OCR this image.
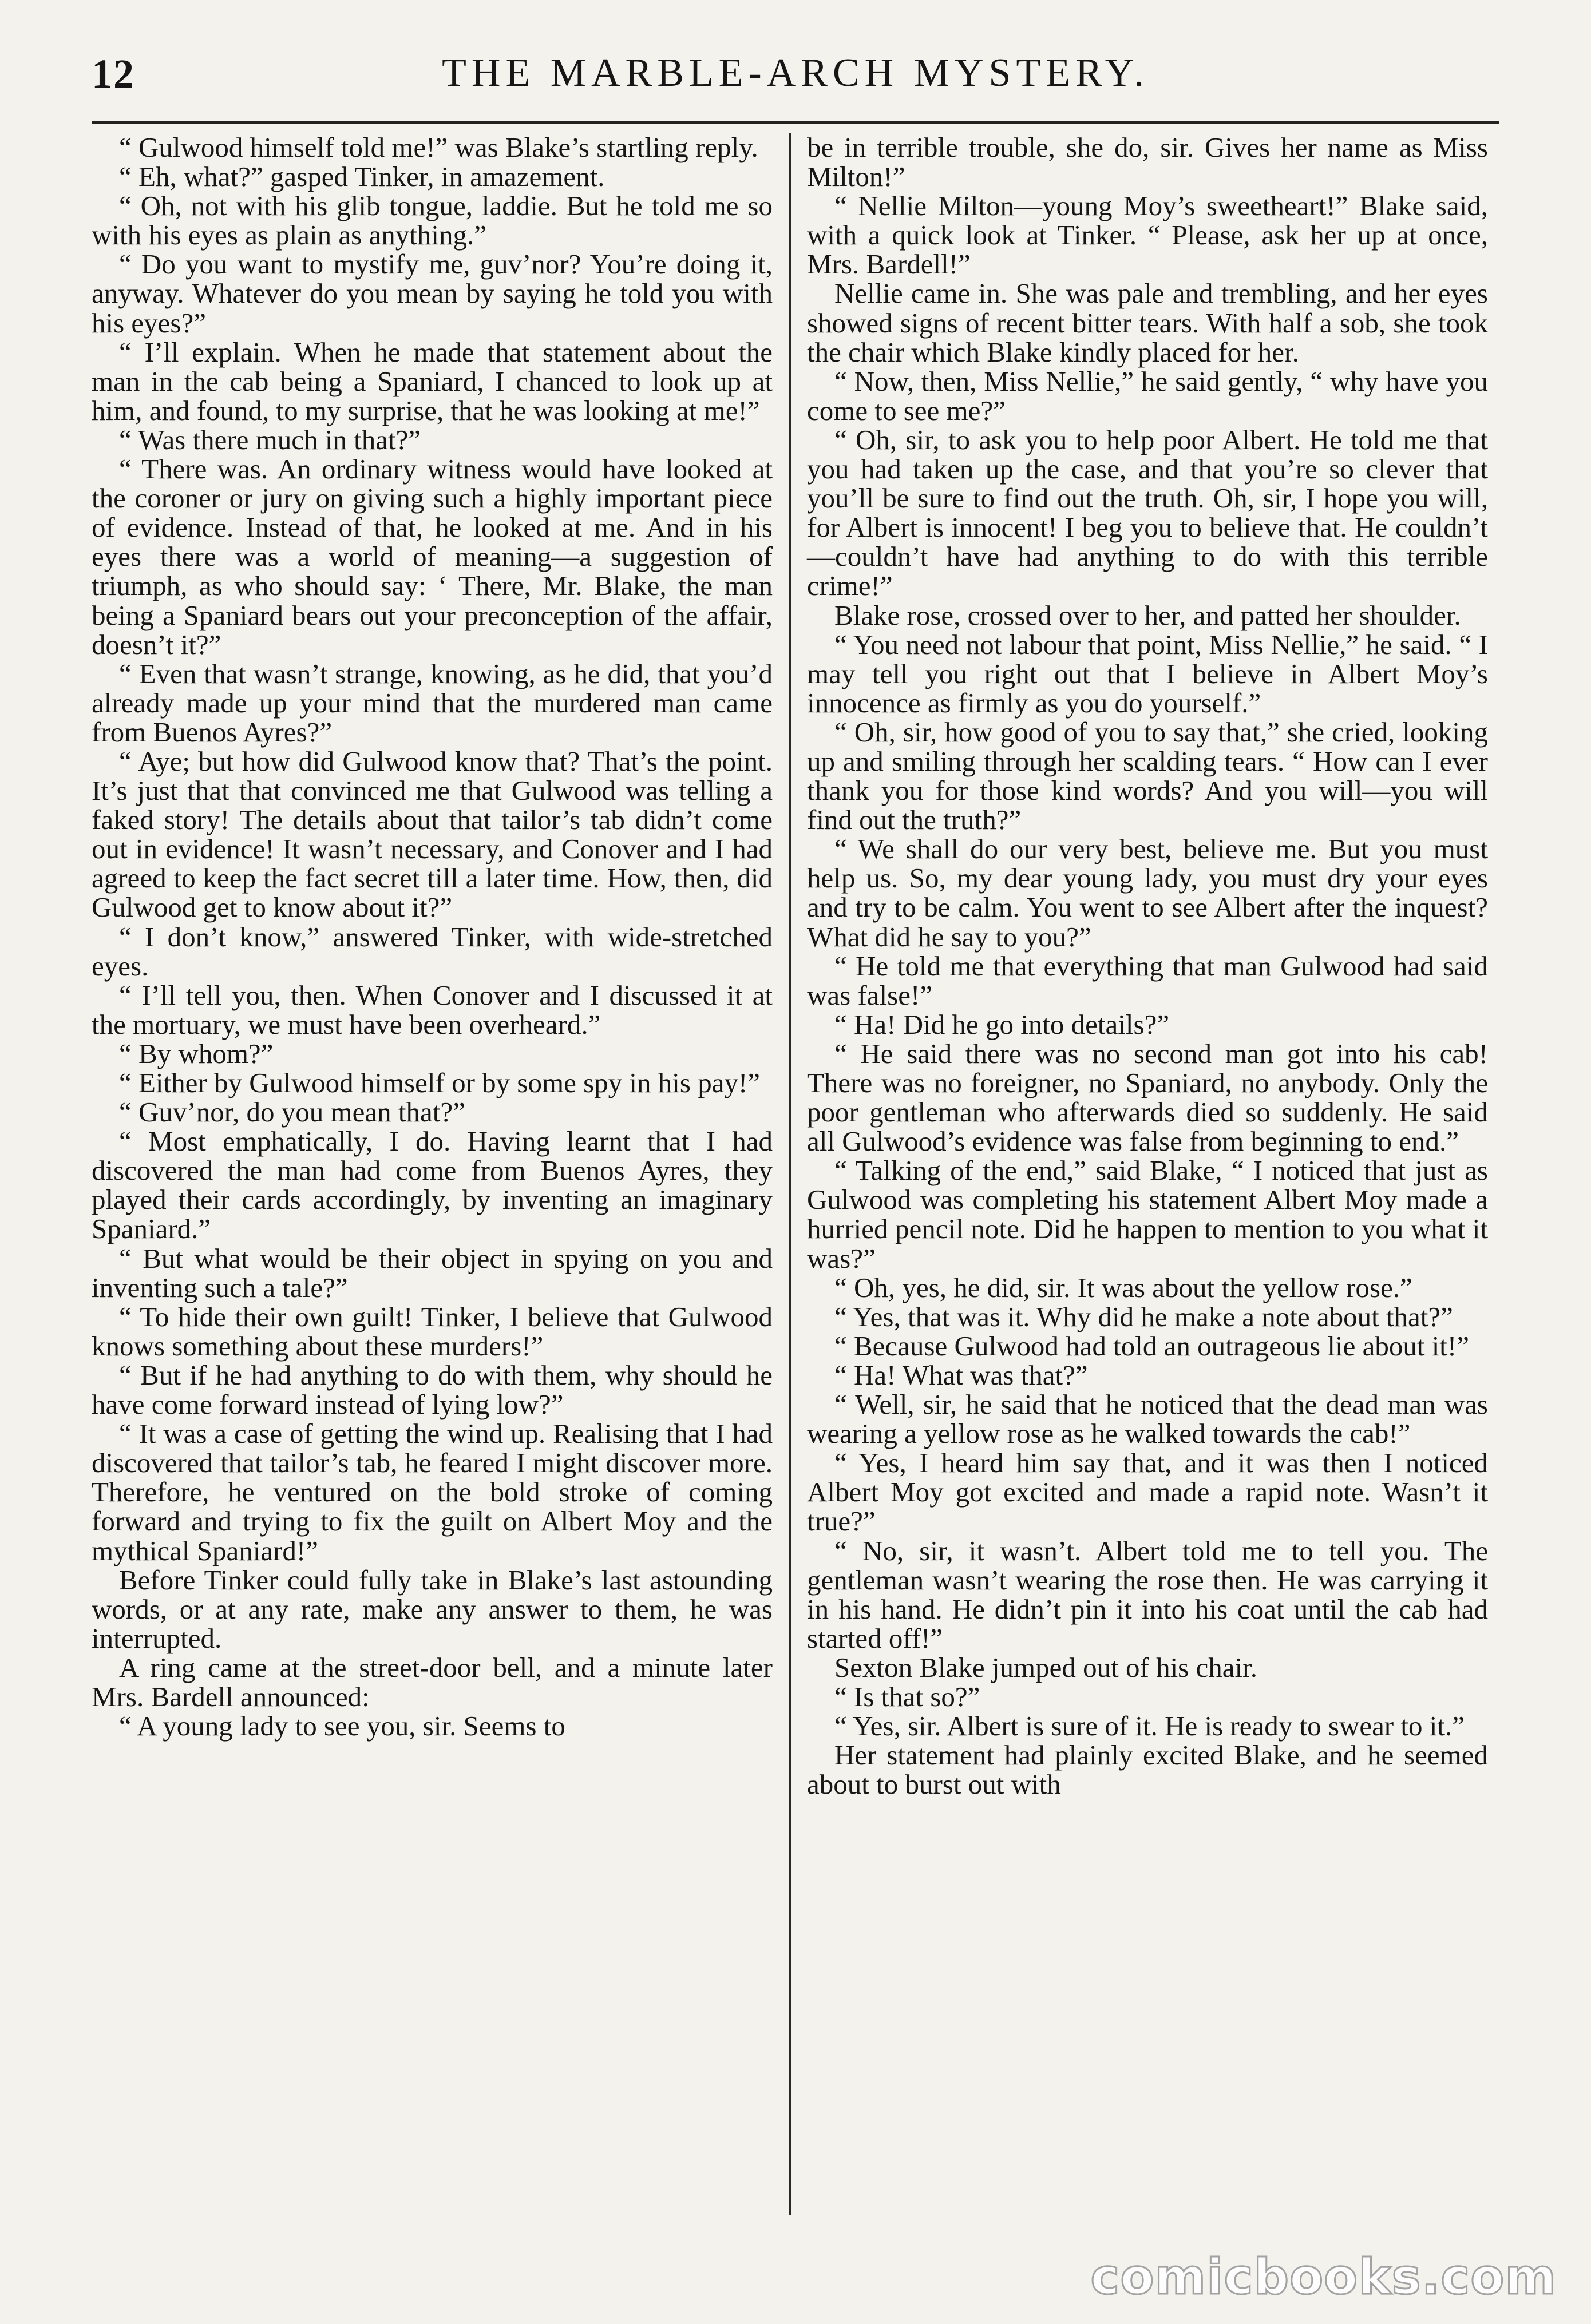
12	THE MARBLE-ARCH MYSTERY.

“ Gulwood himself told me!” was Blake’s startling reply.

“ Eh, what?” gasped Tinker, in amazement.

“ Oh, not with his glib tongue, laddie. But he told me so with his eyes as plain as anything.”

“ Do you want to mystify me, guv’nor? You’re doing it, anyway. Whatever do you mean by saying he told you with his eyes?”

“ I’ll explain. When he made that statement about the man in the cab being a Spaniard, I chanced to look up at him, and found, to my surprise, that he was looking at me!”

“ Was there much in that?”

“ There was. An ordinary witness would have looked at the coroner or jury on giving such a highly important piece of evidence. Instead of that, he looked at me. And in his eyes there was a world of meaning—a suggestion of triumph, as who should say: ‘ There, Mr. Blake, the man being a Spaniard bears out your preconception of the affair, doesn’t it?”

“ Even that wasn’t strange, knowing, as he did, that you’d already made up your mind that the murdered man came from Buenos Ayres?”

“ Aye; but how did Gulwood know that? That’s the point. It’s just that that convinced me that Gulwood was telling a faked story! The details about that tailor’s tab didn’t come out in evidence! It wasn’t necessary, and Conover and I had agreed to keep the fact secret till a later time. How, then, did Gulwood get to know about it?”

“ I don’t know,” answered Tinker, with wide-stretched eyes.

“ I’ll tell you, then. When Conover and I discussed it at the mortuary, we must have been overheard.”

“ By whom?”

“ Either by Gulwood himself or by some spy in his pay!”

“ Guv’nor, do you mean that?”

“ Most emphatically, I do. Having learnt that I had discovered the man had come from Buenos Ayres, they played their cards accordingly, by inventing an imaginary Spaniard.”

“ But what would be their object in spying on you and inventing such a tale?”

“ To hide their own guilt! Tinker, I believe that Gulwood knows something about these murders!”

“ But if he had anything to do with them, why should he have come forward instead of lying low?”

“ It was a case of getting the wind up. Realising that I had discovered that tailor’s tab, he feared I might discover more. Therefore, he ventured on the bold stroke of coming forward and trying to fix the guilt on Albert Moy and the mythical Spaniard!”

Before Tinker could fully take in Blake’s last astounding words, or at any rate, make any answer to them, he was interrupted.

A ring came at the street-door bell, and a minute later Mrs. Bardell announced:

“ A young lady to see you, sir. Seems to

be in terrible trouble, she do, sir. Gives her name as Miss Milton!”

“ Nellie Milton—young Moy’s sweetheart!” Blake said, with a quick look at Tinker. “ Please, ask her up at once, Mrs. Bardell!”

Nellie came in. She was pale and trembling, and her eyes showed signs of recent bitter tears. With half a sob, she took the chair which Blake kindly placed for her.

“ Now, then, Miss Nellie,” he said gently, “ why have you come to see me?”

“ Oh, sir, to ask you to help poor Albert. He told me that you had taken up the case, and that you’re so clever that you’ll be sure to find out the truth. Oh, sir, I hope you will, for Albert is innocent! I beg you to believe that. He couldn’t—couldn’t have had anything to do with this terrible crime!”

Blake rose, crossed over to her, and patted her shoulder.

“ You need not labour that point, Miss Nellie,” he said. “ I may tell you right out that I believe in Albert Moy’s innocence as firmly as you do yourself.”

“ Oh, sir, how good of you to say that,” she cried, looking up and smiling through her scalding tears. “ How can I ever thank you for those kind words? And you will—you will find out the truth?”

“ We shall do our very best, believe me. But you must help us. So, my dear young lady, you must dry your eyes and try to be calm. You went to see Albert after the inquest? What did he say to you?”

“ He told me that everything that man Gulwood had said was false!”

“ Ha! Did he go into details?”

“ He said there was no second man got into his cab! There was no foreigner, no Spaniard, no anybody. Only the poor gentleman who afterwards died so suddenly. He said all Gulwood’s evidence was false from beginning to end.”

“ Talking of the end,” said Blake, “ I noticed that just as Gulwood was completing his statement Albert Moy made a hurried pencil note. Did he happen to mention to you what it was?”

“ Oh, yes, he did, sir. It was about the yellow rose.”

“ Yes, that was it. Why did he make a note about that?”

“ Because Gulwood had told an outrageous lie about it!”

“ Ha! What was that?”

“ Well, sir, he said that he noticed that the dead man was wearing a yellow rose as he walked towards the cab!”

“ Yes, I heard him say that, and it was then I noticed Albert Moy got excited and made a rapid note. Wasn’t it true?”

“ No, sir, it wasn’t. Albert told me to tell you. The gentleman wasn’t wearing the rose then. He was carrying it in his hand. He didn’t pin it into his coat until the cab had started off!”

Sexton Blake jumped out of his chair.

“ Is that so?”

“ Yes, sir. Albert is sure of it. He is ready to swear to it.”

Her statement had plainly excited Blake, and he seemed about to burst out with

comicbooks.com
